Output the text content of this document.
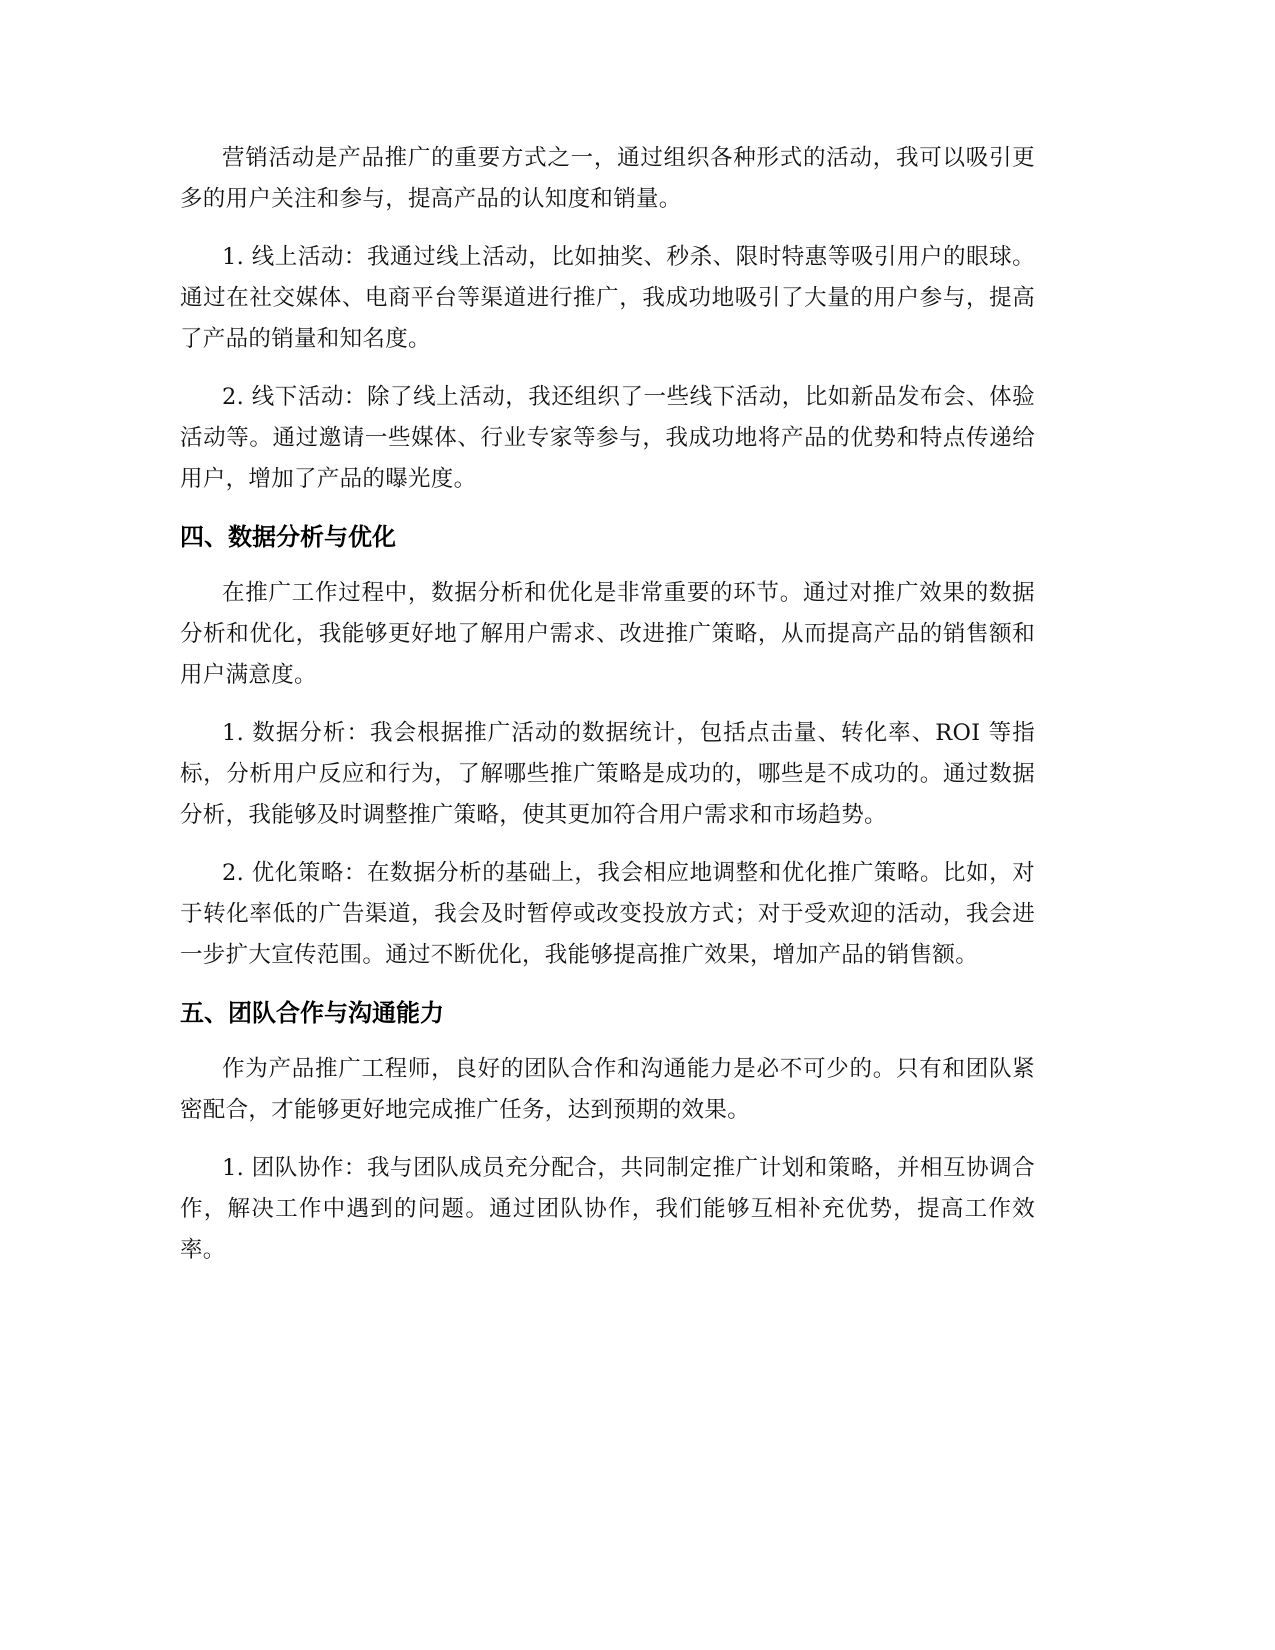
营销活动是产品推广的重要方式之一，通过组织各种形式的活动，我可以吸引更多的用户关注和参与，提高产品的认知度和销量。

1. 线上活动：我通过线上活动，比如抽奖、秒杀、限时特惠等吸引用户的眼球。通过在社交媒体、电商平台等渠道进行推广，我成功地吸引了大量的用户参与，提高了产品的销量和知名度。

2. 线下活动：除了线上活动，我还组织了一些线下活动，比如新品发布会、体验活动等。通过邀请一些媒体、行业专家等参与，我成功地将产品的优势和特点传递给用户，增加了产品的曝光度。

四、数据分析与优化

在推广工作过程中，数据分析和优化是非常重要的环节。通过对推广效果的数据分析和优化，我能够更好地了解用户需求、改进推广策略，从而提高产品的销售额和用户满意度。

1. 数据分析：我会根据推广活动的数据统计，包括点击量、转化率、ROI 等指标，分析用户反应和行为，了解哪些推广策略是成功的，哪些是不成功的。通过数据分析，我能够及时调整推广策略，使其更加符合用户需求和市场趋势。

2. 优化策略：在数据分析的基础上，我会相应地调整和优化推广策略。比如，对于转化率低的广告渠道，我会及时暂停或改变投放方式；对于受欢迎的活动，我会进一步扩大宣传范围。通过不断优化，我能够提高推广效果，增加产品的销售额。

五、团队合作与沟通能力

作为产品推广工程师，良好的团队合作和沟通能力是必不可少的。只有和团队紧密配合，才能够更好地完成推广任务，达到预期的效果。

1. 团队协作：我与团队成员充分配合，共同制定推广计划和策略，并相互协调合作，解决工作中遇到的问题。通过团队协作，我们能够互相补充优势，提高工作效率。
